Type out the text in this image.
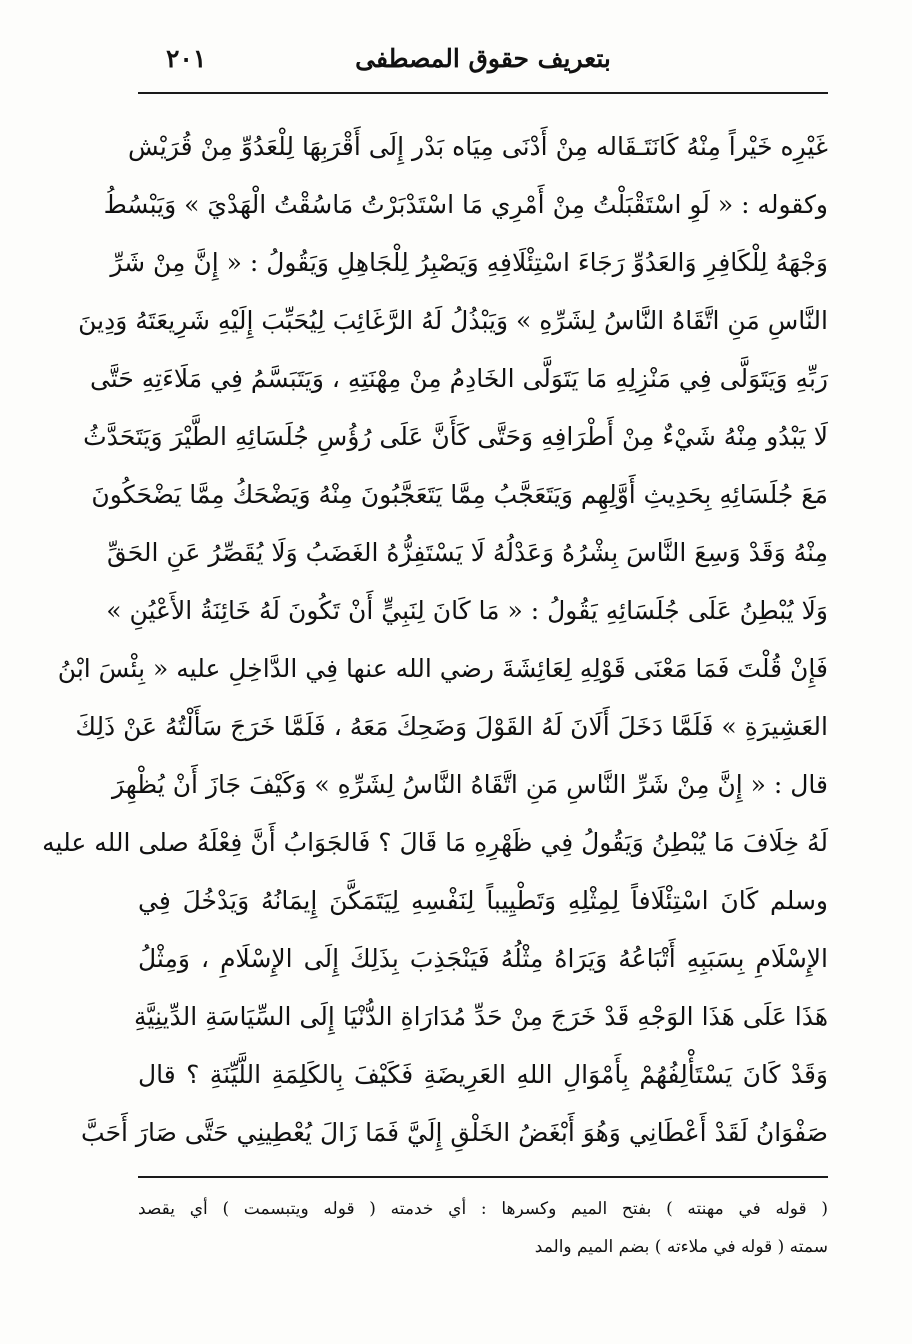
بتعريف حقوق المصطفى
٢٠١
غَيْرِه خَيْراً مِنْهُ كَانَتَـقَاله مِنْ أَدْنَى مِيَاه بَدْر إِلَى أَقْرَبِهَا لِلْعَدُوِّ مِنْ قُرَيْش
وكقوله : « لَوِ اسْتَقْبَلْتُ مِنْ أَمْرِي مَا اسْتَدْبَرْتُ مَاسُقْتُ الْهَدْيَ » وَيَبْسُطُ
وَجْهَهُ لِلْكَافِرِ وَالعَدُوِّ رَجَاءَ اسْتِئْلَافِهِ وَيَصْبِرُ لِلْجَاهِلِ وَيَقُولُ : « إِنَّ مِنْ شَرِّ
النَّاسِ مَنِ اتَّقَاهُ النَّاسُ لِشَرِّهِ » وَيَبْذُلُ لَهُ الرَّغَائِبَ لِيُحَبِّبَ إِلَيْهِ شَرِيعَتَهُ وَدِينَ
رَبِّهِ وَيَتَوَلَّى فِي مَنْزِلِهِ مَا يَتَوَلَّى الخَادِمُ مِنْ مِهْنَتِهِ ، وَيَتَبَسَّمُ فِي مَلَاءَتِهِ حَتَّى
لَا يَبْدُو مِنْهُ شَيْءٌ مِنْ أَطْرَافِهِ وَحَتَّى كَأَنَّ عَلَى رُؤُسِ جُلَسَائِهِ الطَّيْرَ وَيَتَحَدَّثُ
مَعَ جُلَسَائِهِ بِحَدِيثِ أَوَّلِهِم وَيَتَعَجَّبُ مِمَّا يَتَعَجَّبُونَ مِنْهُ وَيَضْحَكُ مِمَّا يَضْحَكُونَ
مِنْهُ وَقَدْ وَسِعَ النَّاسَ بِشْرُهُ وَعَدْلُهُ لَا يَسْتَفِزُّهُ الغَضَبُ وَلَا يُقَصِّرُ عَنِ الحَقِّ
وَلَا يُبْطِنُ عَلَى جُلَسَائِهِ يَقُولُ : « مَا كَانَ لِنَبِيٍّ أَنْ تَكُونَ لَهُ خَائِنَةُ الأَعْيُنِ »
فَإِنْ قُلْتَ فَمَا مَعْنَى قَوْلِهِ لِعَائِشَةَ رضي الله عنها فِي الدَّاخِلِ عليه « بِئْسَ ابْنُ
العَشِيرَةِ » فَلَمَّا دَخَلَ أَلَانَ لَهُ القَوْلَ وَضَحِكَ مَعَهُ ، فَلَمَّا خَرَجَ سَأَلْتُهُ عَنْ ذَلِكَ
قال : « إِنَّ مِنْ شَرِّ النَّاسِ مَنِ اتَّقَاهُ النَّاسُ لِشَرِّهِ » وَكَيْفَ جَازَ أَنْ يُظْهِرَ
لَهُ خِلَافَ مَا يُبْطِنُ وَيَقُولُ فِي ظَهْرِهِ مَا قَالَ ؟ فَالجَوَابُ أَنَّ فِعْلَهُ صلى الله عليه
وسلم كَانَ اسْتِئْلَافاً لِمِثْلِهِ وَتَطْيِيباً لِنَفْسِهِ لِيَتَمَكَّنَ إِيمَانُهُ وَيَدْخُلَ فِي
الإِسْلَامِ بِسَبَبِهِ أَتْبَاعُهُ وَيَرَاهُ مِثْلُهُ فَيَنْجَذِبَ بِذَلِكَ إِلَى الإِسْلَامِ ، وَمِثْلُ
هَذَا عَلَى هَذَا الوَجْهِ قَدْ خَرَجَ مِنْ حَدِّ مُدَارَاةِ الدُّنْيَا إِلَى السِّيَاسَةِ الدِّينِيَّةِ
وَقَدْ كَانَ يَسْتَأْلِفُهُمْ بِأَمْوَالِ اللهِ العَرِيضَةِ فَكَيْفَ بِالكَلِمَةِ اللَّيِّنَةِ ؟ قال
صَفْوَانُ لَقَدْ أَعْطَانِي وَهُوَ أَبْغَضُ الخَلْقِ إِلَيَّ فَمَا زَالَ يُعْطِينِي حَتَّى صَارَ أَحَبَّ
( قوله في مهنته ) بفتح الميم وكسرها : أي خدمته ( قوله ويتبسمت ) أي يقصد
سمته ( قوله في ملاءته ) بضم الميم والمد
